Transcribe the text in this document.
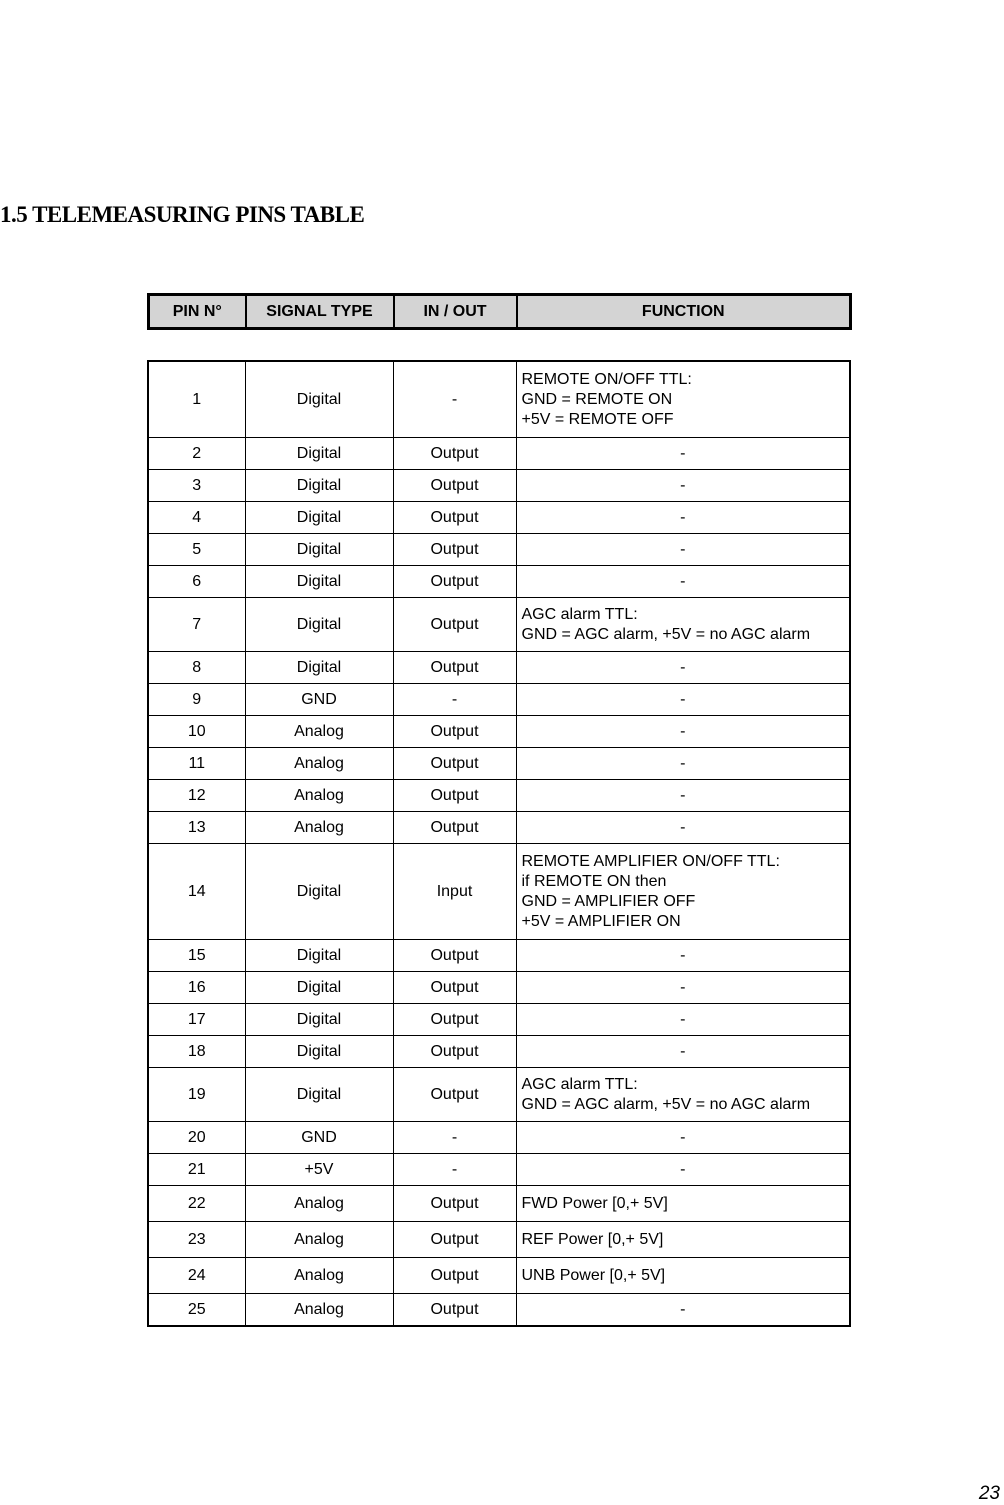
1.5 TELEMEASURING PINS TABLE
PIN N°	SIGNAL TYPE	IN / OUT	FUNCTION
1	Digital	-	REMOTE ON/OFF TTL:
GND = REMOTE ON
+5V = REMOTE OFF

2	Digital	Output	-

3	Digital	Output	-

4	Digital	Output	-

5	Digital	Output	-

6	Digital	Output	-

7	Digital	Output	AGC alarm TTL:
GND = AGC alarm, +5V = no AGC alarm

8	Digital	Output	-

9	GND	-	-

10	Analog	Output	-

11	Analog	Output	-

12	Analog	Output	-

13	Analog	Output	-

14	Digital	Input	REMOTE AMPLIFIER ON/OFF TTL:
if REMOTE ON then
GND = AMPLIFIER OFF
+5V = AMPLIFIER ON

15	Digital	Output	-

16	Digital	Output	-

17	Digital	Output	-

18	Digital	Output	-

19	Digital	Output	AGC alarm TTL:
GND = AGC alarm, +5V = no AGC alarm

20	GND	-	-

21	+5V	-	-

22	Analog	Output	FWD Power [0,+ 5V]

23	Analog	Output	REF Power [0,+ 5V]

24	Analog	Output	UNB Power [0,+ 5V]

25	Analog	Output	-
23
